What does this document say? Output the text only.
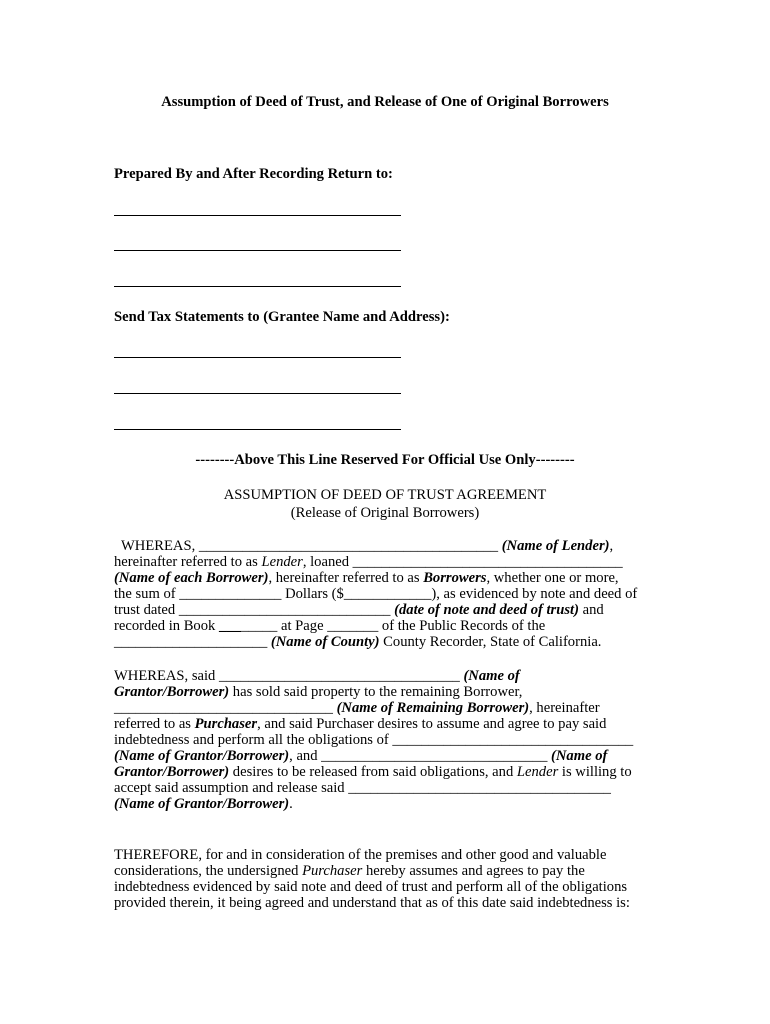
Assumption of Deed of Trust, and Release of One of Original Borrowers
Prepared By and After Recording Return to:
Send Tax Statements to (Grantee Name and Address):
--------Above This Line Reserved For Official Use Only--------
ASSUMPTION OF DEED OF TRUST AGREEMENT
(Release of Original Borrowers)
WHEREAS, _________________________________________ (Name of Lender),
hereinafter referred to as Lender, loaned _____________________________________
(Name of each Borrower), hereinafter referred to as Borrowers, whether one or more,
the sum of ______________ Dollars ($____________), as evidenced by note and deed of
trust dated _____________________________ (date of note and deed of trust) and
recorded in Book ________ at Page _______ of the Public Records of the
_____________________ (Name of County) County Recorder, State of California.
WHEREAS, said _________________________________ (Name of
Grantor/Borrower) has sold said property to the remaining Borrower,
______________________________ (Name of Remaining Borrower), hereinafter
referred to as Purchaser, and said Purchaser desires to assume and agree to pay said
indebtedness and perform all the obligations of _________________________________
(Name of Grantor/Borrower), and _______________________________ (Name of
Grantor/Borrower) desires to be released from said obligations, and Lender is willing to
accept said assumption and release said ____________________________________
(Name of Grantor/Borrower).
THEREFORE, for and in consideration of the premises and other good and valuable
considerations, the undersigned Purchaser hereby assumes and agrees to pay the
indebtedness evidenced by said note and deed of trust and perform all of the obligations
provided therein, it being agreed and understand that as of this date said indebtedness is:
